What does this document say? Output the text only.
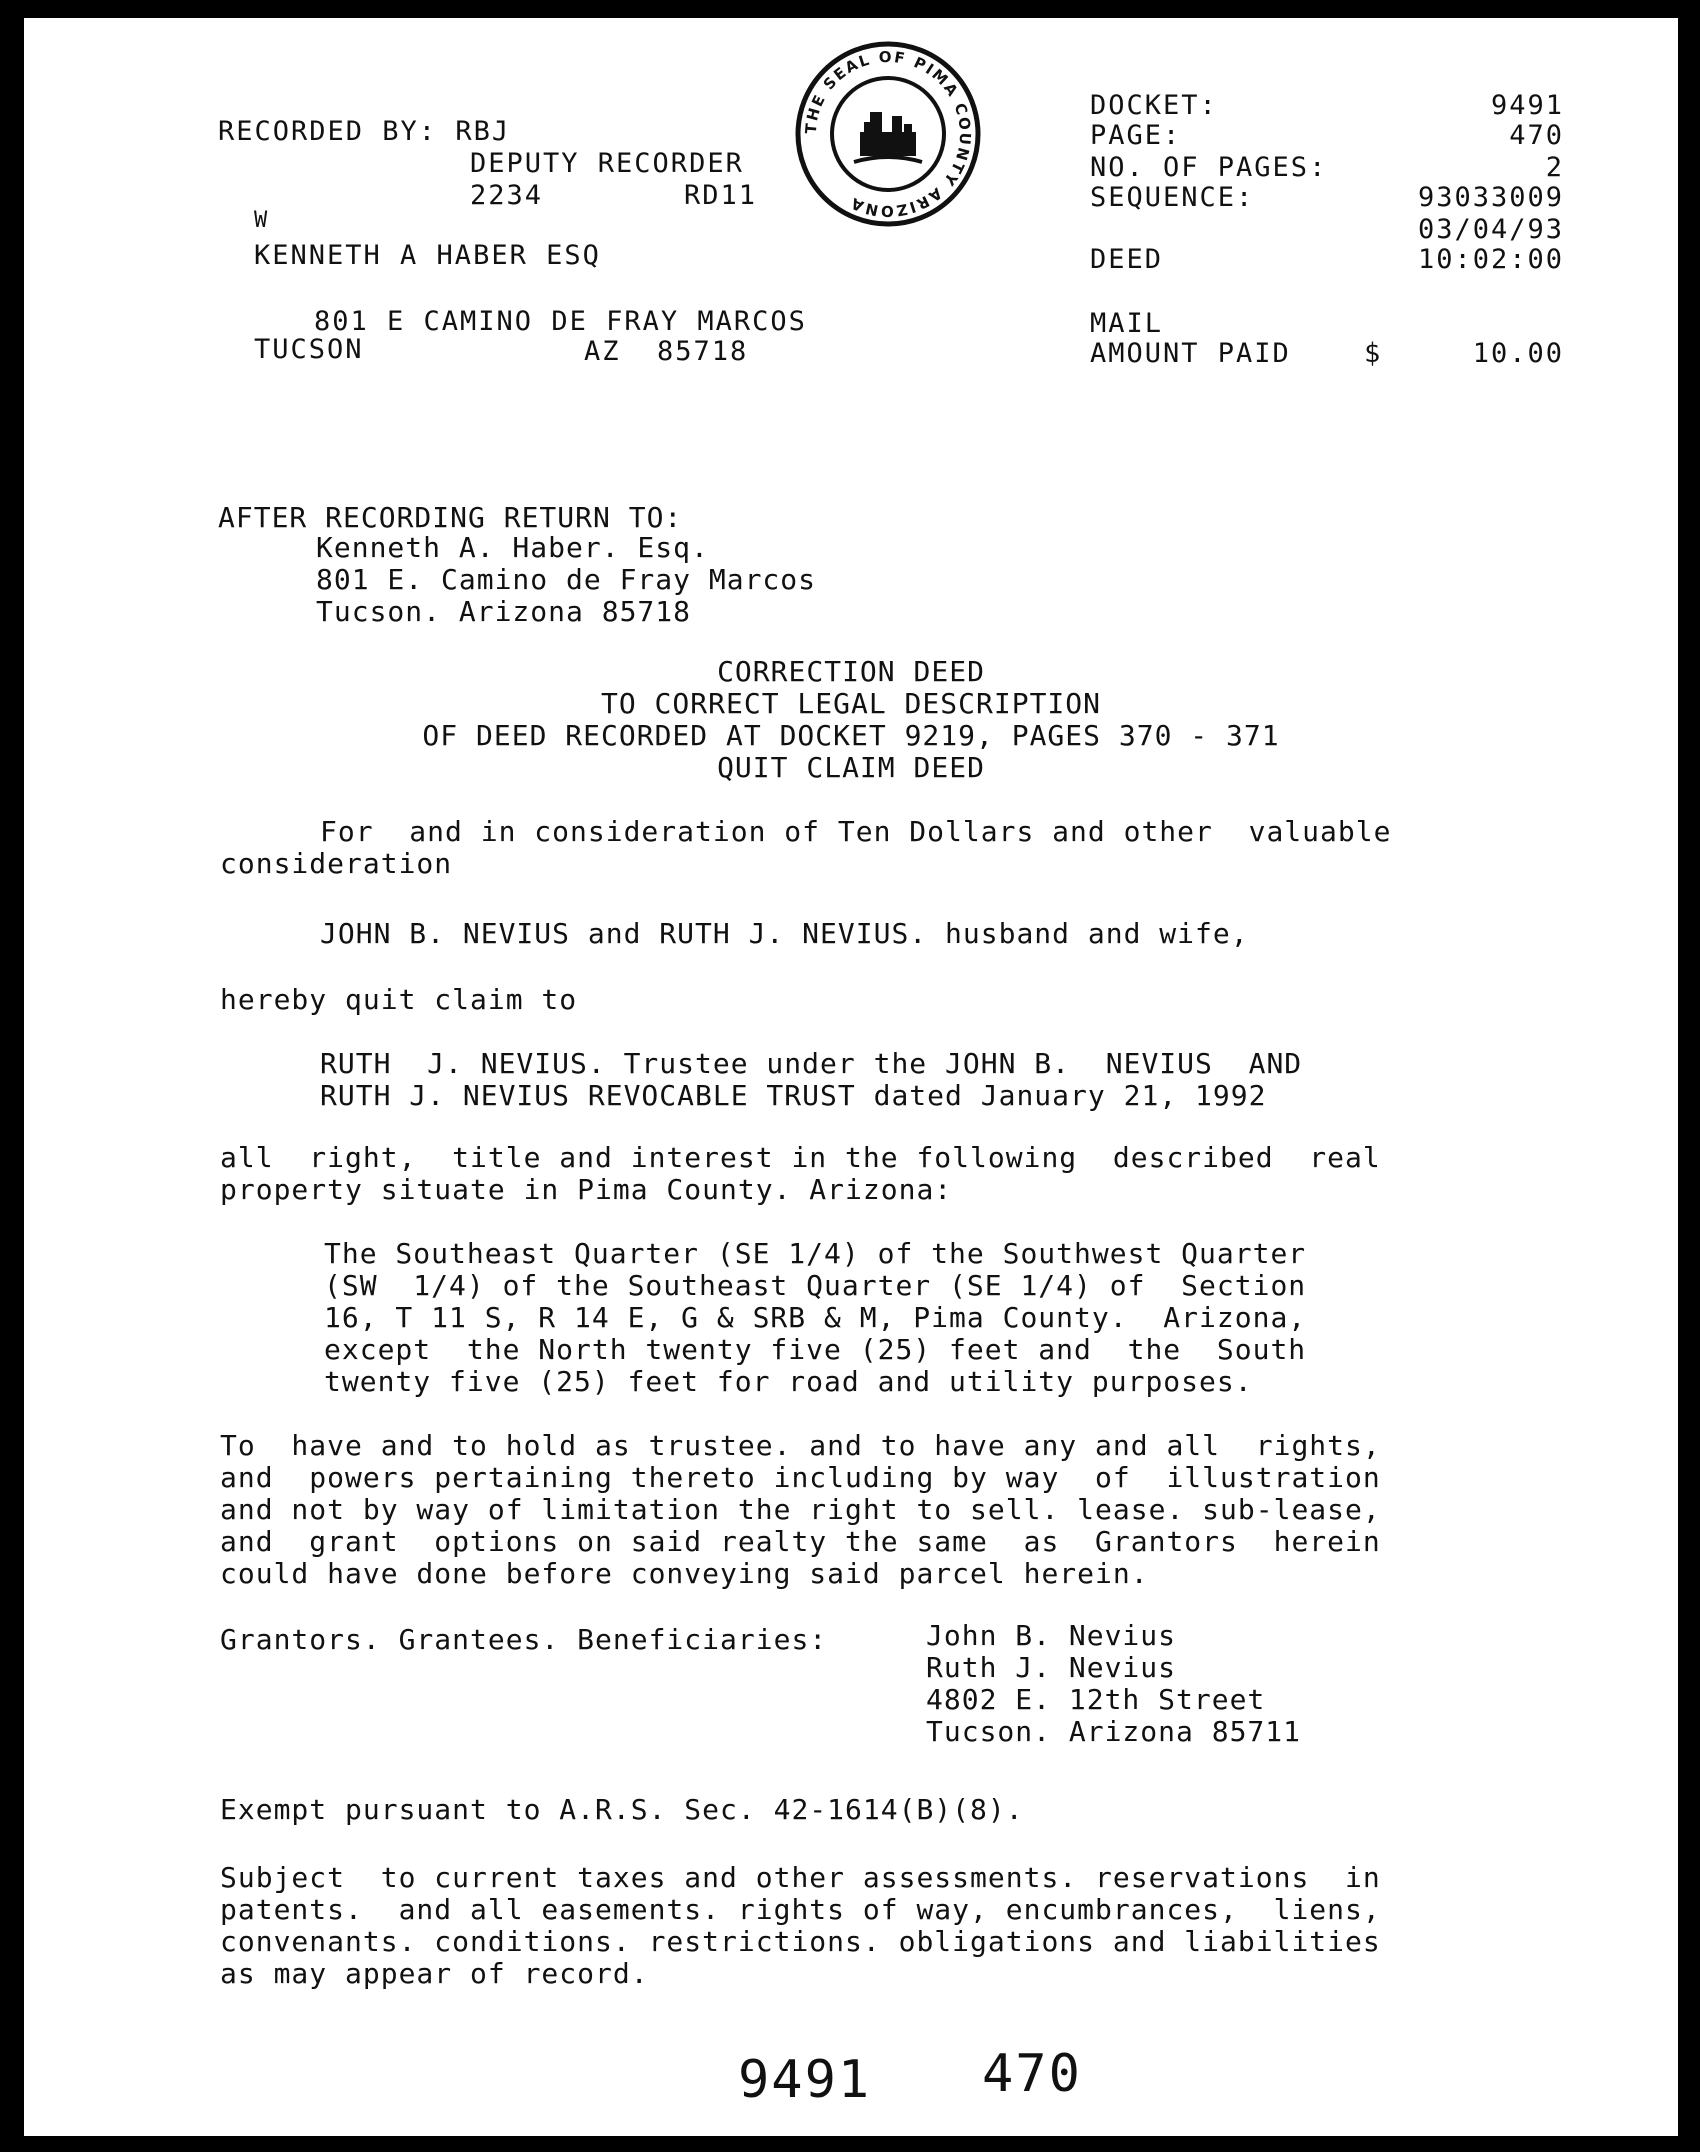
RECORDED BY: RBJ
DEPUTY RECORDER
2234	RD11
W
KENNETH A HABER ESQ
801 E CAMINO DE FRAY MARCOS
TUCSON	AZ  85718
THE SEAL OF PIMA COUNTY ARIZONA
DOCKET:	9491
PAGE:	470
NO. OF PAGES:	2
SEQUENCE:	93033009
03/04/93
DEED	10:02:00
MAIL
AMOUNT PAID	$	10.00
AFTER RECORDING RETURN TO:
Kenneth A. Haber. Esq.
801 E. Camino de Fray Marcos
Tucson. Arizona 85718
CORRECTION DEED
TO CORRECT LEGAL DESCRIPTION
OF DEED RECORDED AT DOCKET 9219, PAGES 370 - 371
QUIT CLAIM DEED
For  and in consideration of Ten Dollars and other  valuable
consideration
JOHN B. NEVIUS and RUTH J. NEVIUS. husband and wife,
hereby quit claim to
RUTH  J. NEVIUS. Trustee under the JOHN B.  NEVIUS  AND
RUTH J. NEVIUS REVOCABLE TRUST dated January 21, 1992
all  right,  title and interest in the following  described  real
property situate in Pima County. Arizona:
The Southeast Quarter (SE 1/4) of the Southwest Quarter
(SW  1/4) of the Southeast Quarter (SE 1/4) of  Section
16, T 11 S, R 14 E, G & SRB & M, Pima County.  Arizona,
except  the North twenty five (25) feet and  the  South
twenty five (25) feet for road and utility purposes.
To  have and to hold as trustee. and to have any and all  rights,
and  powers pertaining thereto including by way  of  illustration
and not by way of limitation the right to sell. lease. sub-lease,
and  grant  options on said realty the same  as  Grantors  herein
could have done before conveying said parcel herein.
Grantors. Grantees. Beneficiaries:	John B. Nevius
Ruth J. Nevius
4802 E. 12th Street
Tucson. Arizona 85711
Exempt pursuant to A.R.S. Sec. 42-1614(B)(8).
Subject  to current taxes and other assessments. reservations  in
patents.  and all easements. rights of way, encumbrances,  liens,
convenants. conditions. restrictions. obligations and liabilities
as may appear of record.
9491 470
